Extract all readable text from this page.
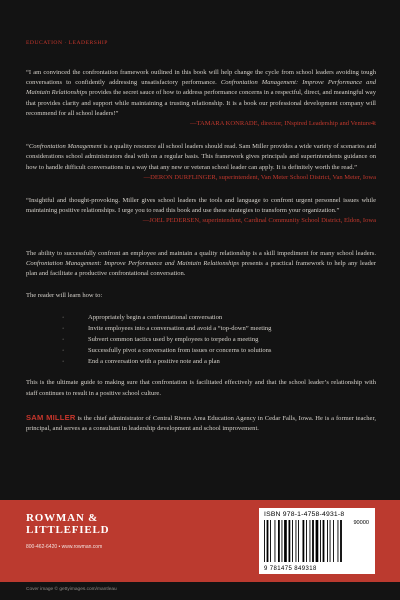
EDUCATION · LEADERSHIP
“I am convinced the confrontation framework outlined in this book will help change the cycle from school leaders avoiding tough conversations to confidently addressing unsatisfactory performance. Confrontation Management: Improve Performance and Maintain Relationships provides the secret sauce of how to address performance concerns in a respectful, direct, and meaningful way that provides clarity and support while maintaining a trusting relationship. It is a book our professional development company will recommend for all school leaders!”
—TAMARA KONRADE, director, INspired Leadership and Venture4t
“Confrontation Management is a quality resource all school leaders should read. Sam Miller provides a wide variety of scenarios and considerations school administrators deal with on a regular basis. This framework gives principals and superintendents guidance on how to handle difficult conversations in a way that any new or veteran school leader can apply. It is definitely worth the read.”
—DERON DURFLINGER, superintendent, Van Meter School District, Van Meter, Iowa
“Insightful and thought-provoking. Miller gives school leaders the tools and language to confront urgent personnel issues while maintaining positive relationships. I urge you to read this book and use these strategies to transform your organization.”
—JOEL PEDERSEN, superintendent, Cardinal Community School District, Eldon, Iowa

The ability to successfully confront an employee and maintain a quality relationship is a skill impediment for many school leaders. Confrontation Management: Improve Performance and Maintain Relationships presents a practical framework to help any leader plan and facilitate a productive confrontational conversation.

The reader will learn how to:

·	Appropriately begin a confrontational conversation
·	Invite employees into a conversation and avoid a “top-down” meeting
·	Subvert common tactics used by employees to torpedo a meeting
·	Successfully pivot a conversation from issues or concerns to solutions
·	End a conversation with a positive note and a plan

This is the ultimate guide to making sure that confrontation is facilitated effectively and that the school leader’s relationship with staff continues to result in a positive school culture.

SAM MILLER is the chief administrator of Central Rivers Area Education Agency in Cedar Falls, Iowa. He is a former teacher, principal, and serves as a consultant in leadership development and school improvement.

ROWMAN &
LITTLEFIELD
800-462-6420 • www.rowman.com
ISBN 978-1-4758-4931-8
90000
9 781475 849318
Cover image © gettyimages.com/mantleau
